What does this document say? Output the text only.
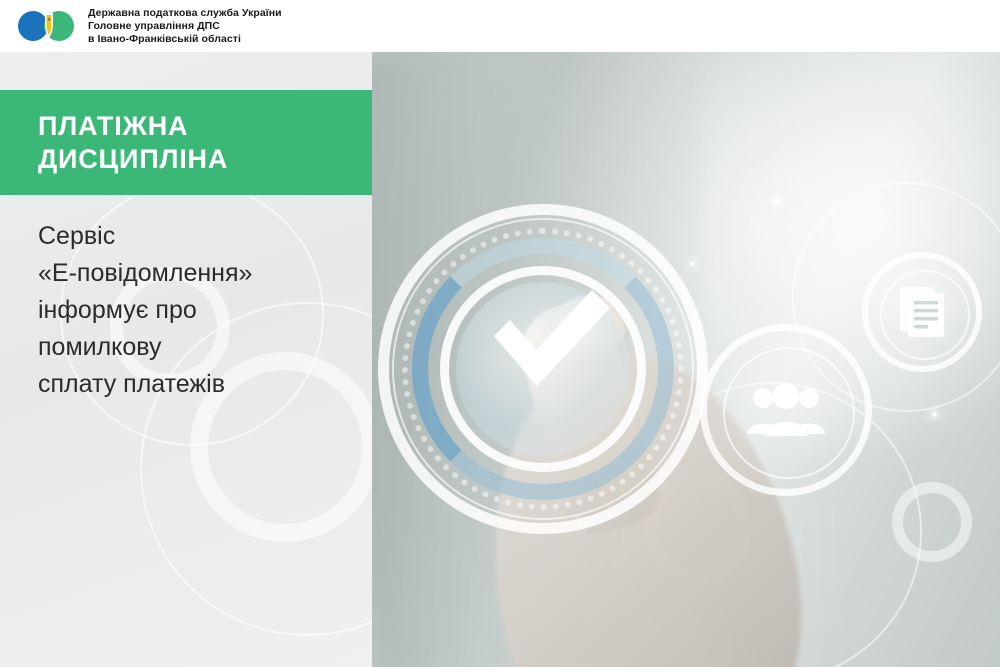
Державна податкова служба України
Головне управління ДПС
в Івано-Франківській області
ПЛАТІЖНА
ДИСЦИПЛІНА
Сервіс
«Е-повідомлення»
інформує про
помилкову
сплату платежів
